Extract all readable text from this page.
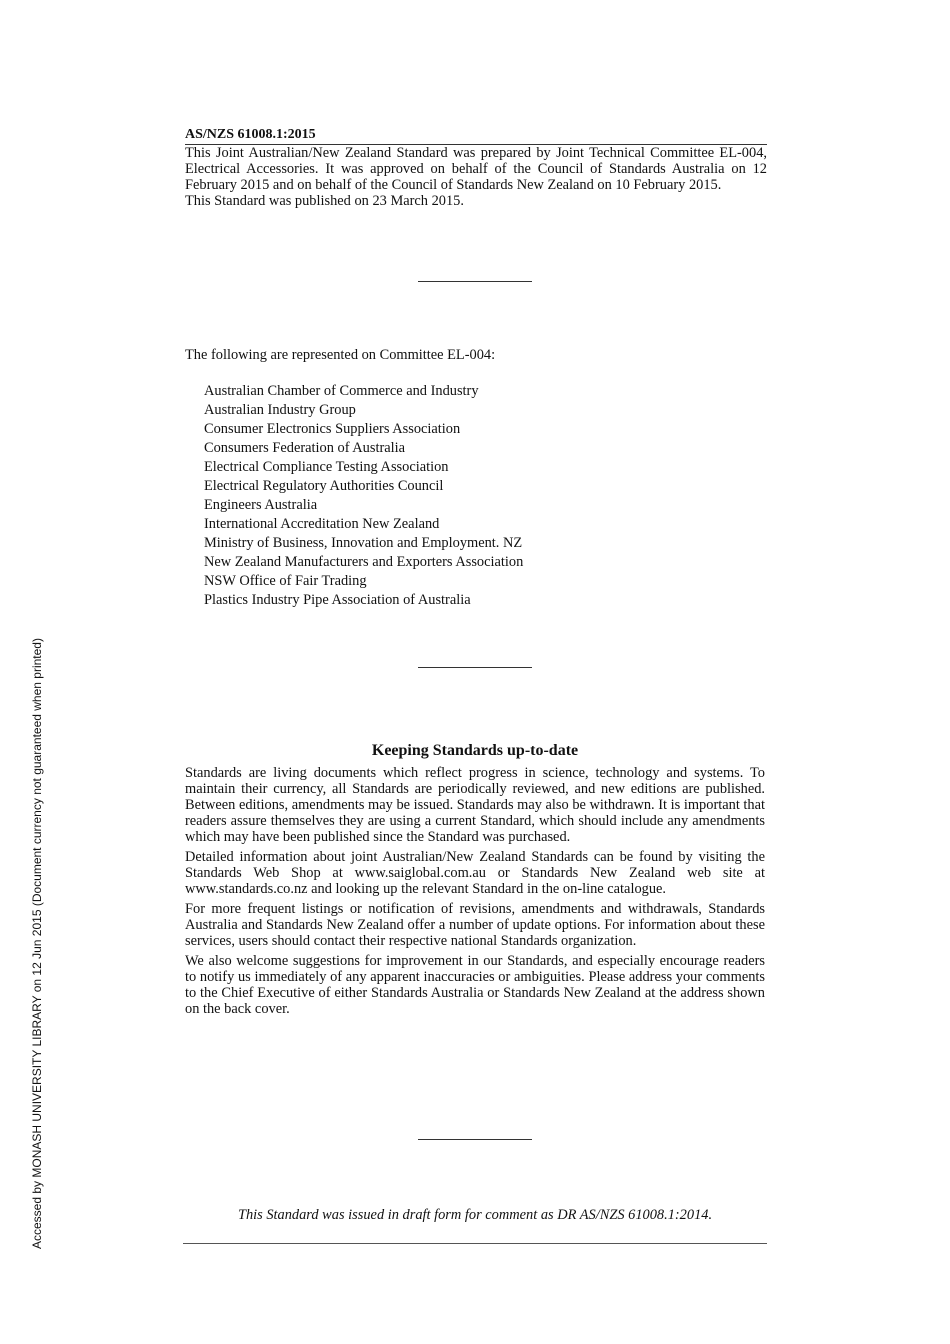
AS/NZS 61008.1:2015

This Joint Australian/New Zealand Standard was prepared by Joint Technical Committee EL-004, Electrical Accessories. It was approved on behalf of the Council of Standards Australia on 12 February 2015 and on behalf of the Council of Standards New Zealand on 10 February 2015.

This Standard was published on 23 March 2015.

The following are represented on Committee EL-004:

Australian Chamber of Commerce and Industry
Australian Industry Group
Consumer Electronics Suppliers Association
Consumers Federation of Australia
Electrical Compliance Testing Association
Electrical Regulatory Authorities Council
Engineers Australia
International Accreditation New Zealand
Ministry of Business, Innovation and Employment. NZ
New Zealand Manufacturers and Exporters Association
NSW Office of Fair Trading
Plastics Industry Pipe Association of Australia
Keeping Standards up-to-date

Standards are living documents which reflect progress in science, technology and systems. To maintain their currency, all Standards are periodically reviewed, and new editions are published. Between editions, amendments may be issued. Standards may also be withdrawn. It is important that readers assure themselves they are using a current Standard, which should include any amendments which may have been published since the Standard was purchased.

Detailed information about joint Australian/New Zealand Standards can be found by visiting the Standards Web Shop at www.saiglobal.com.au or Standards New Zealand web site at www.standards.co.nz and looking up the relevant Standard in the on-line catalogue.

For more frequent listings or notification of revisions, amendments and withdrawals, Standards Australia and Standards New Zealand offer a number of update options. For information about these services, users should contact their respective national Standards organization.

We also welcome suggestions for improvement in our Standards, and especially encourage readers to notify us immediately of any apparent inaccuracies or ambiguities. Please address your comments to the Chief Executive of either Standards Australia or Standards New Zealand at the address shown on the back cover.

This Standard was issued in draft form for comment as DR AS/NZS 61008.1:2014.

Accessed by MONASH UNIVERSITY LIBRARY on 12 Jun 2015 (Document currency not guaranteed when printed)
